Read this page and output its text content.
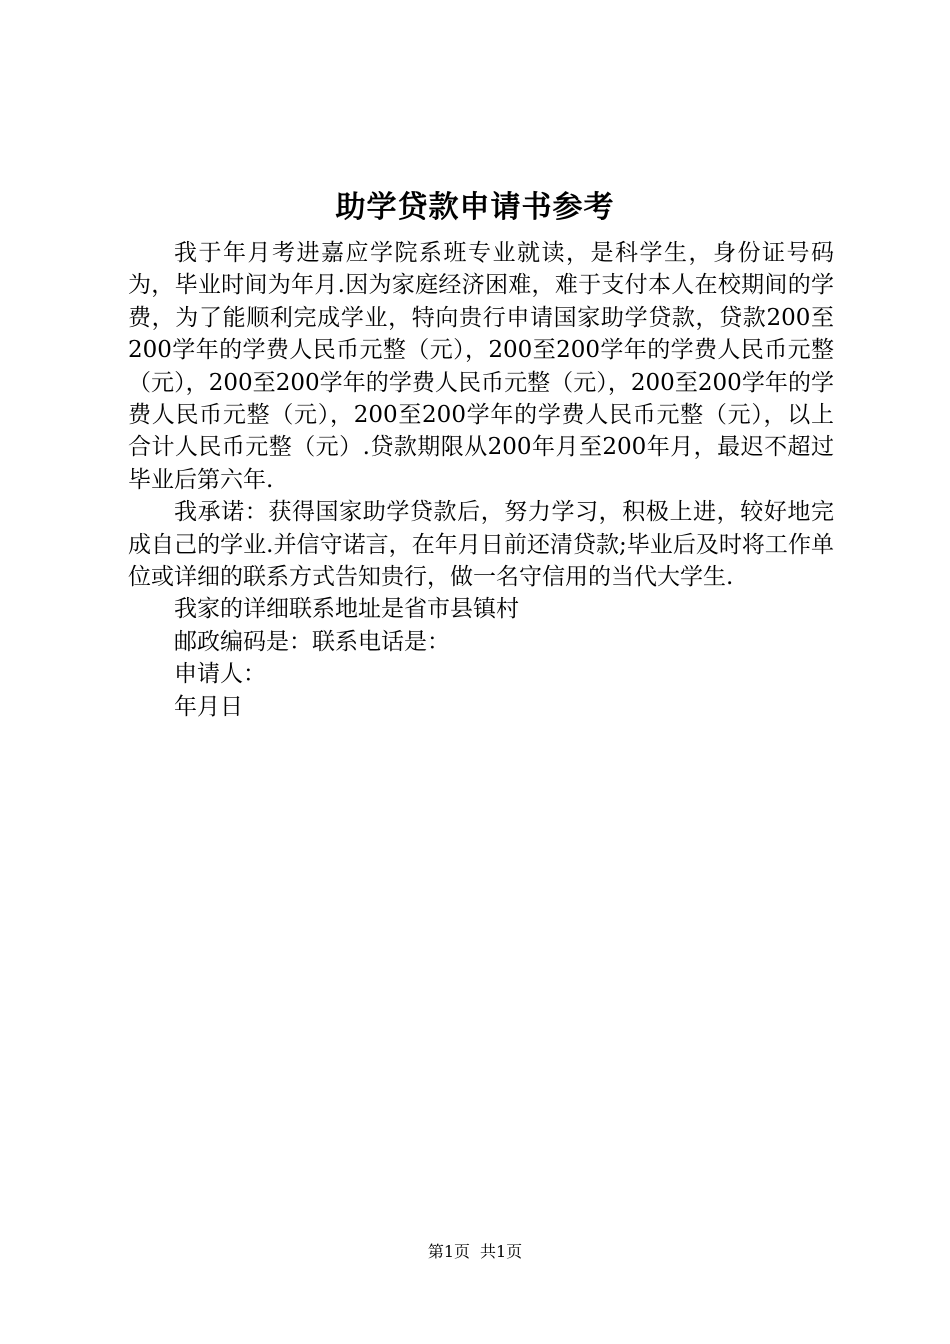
助学贷款申请书参考

我于年月考进嘉应学院系班专业就读，是科学生，身份证号码为，毕业时间为年月.因为家庭经济困难，难于支付本人在校期间的学费，为了能顺利完成学业，特向贵行申请国家助学贷款，贷款200至200学年的学费人民币元整（元），200至200学年的学费人民币元整（元），200至200学年的学费人民币元整（元），200至200学年的学费人民币元整（元），200至200学年的学费人民币元整（元），以上合计人民币元整（元）.贷款期限从200年月至200年月，最迟不超过毕业后第六年.

我承诺：获得国家助学贷款后，努力学习，积极上进，较好地完成自己的学业.并信守诺言，在年月日前还清贷款;毕业后及时将工作单位或详细的联系方式告知贵行，做一名守信用的当代大学生.

我家的详细联系地址是省市县镇村

邮政编码是：联系电话是：

申请人：

年月日

第1页 共1页
